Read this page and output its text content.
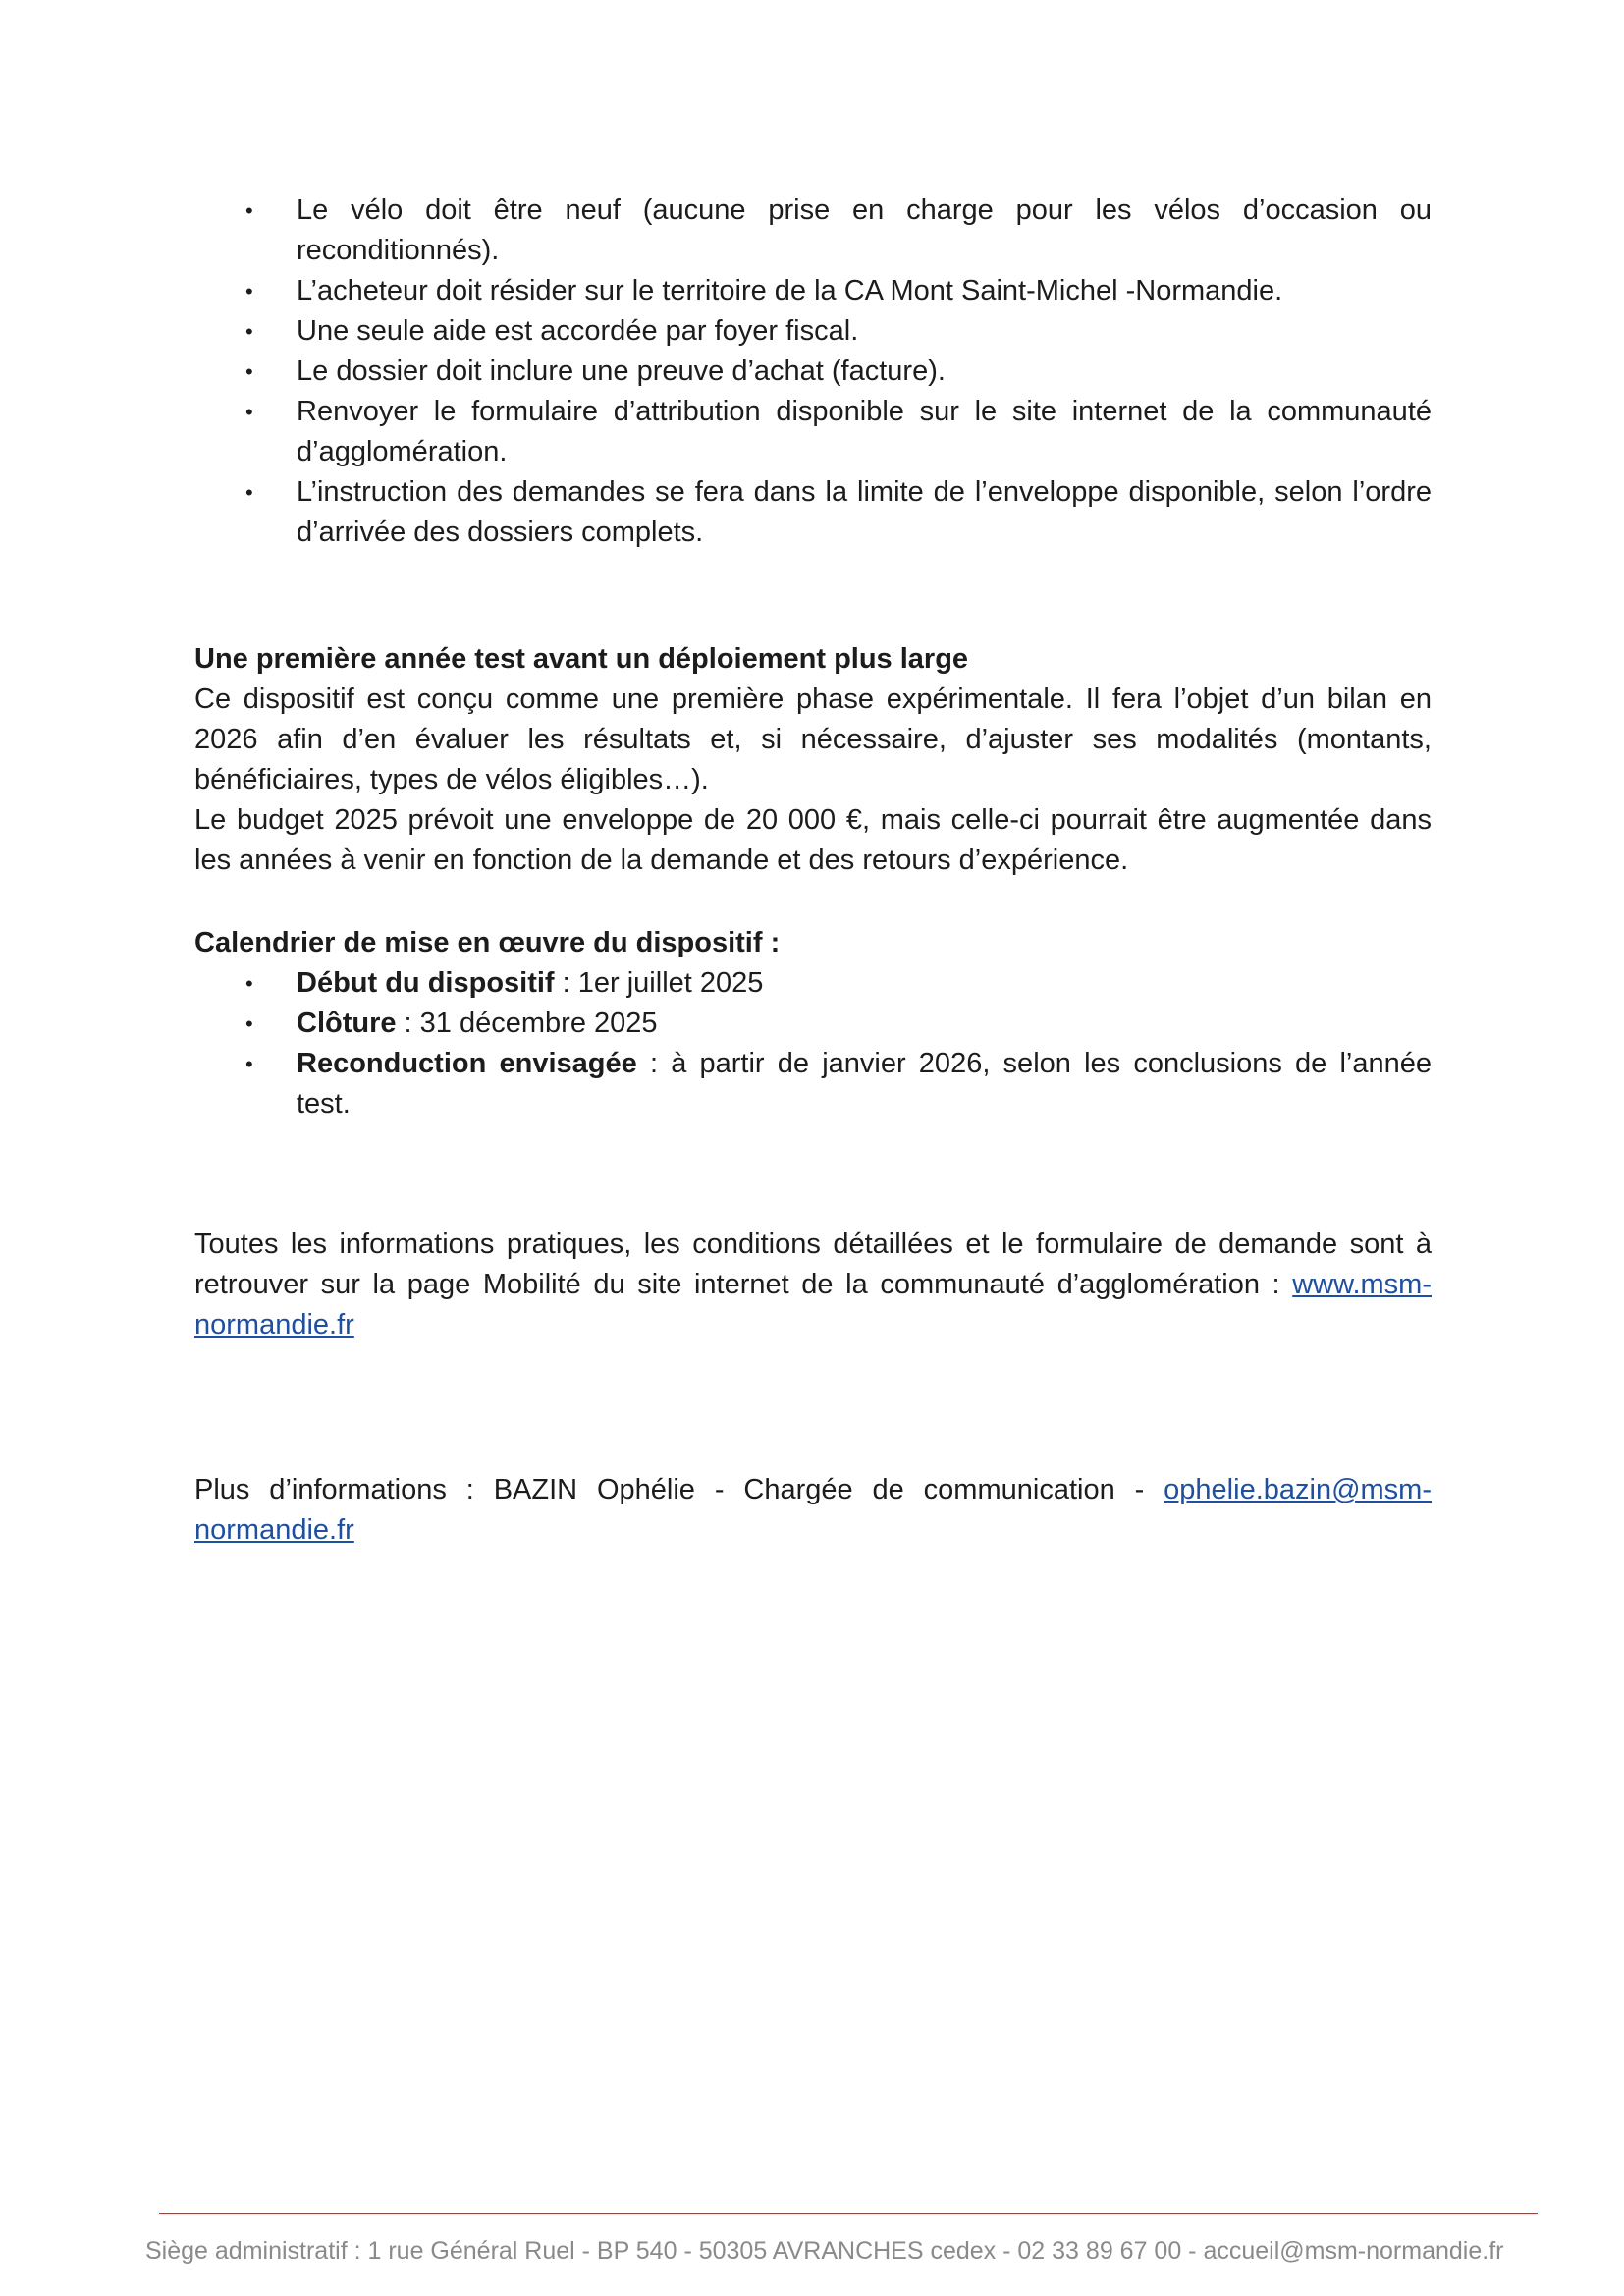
• Le vélo doit être neuf (aucune prise en charge pour les vélos d’occasion ou reconditionnés).
• L’acheteur doit résider sur le territoire de la CA Mont Saint-Michel -Normandie.
• Une seule aide est accordée par foyer fiscal.
• Le dossier doit inclure une preuve d’achat (facture).
• Renvoyer le formulaire d’attribution disponible sur le site internet de la communauté d’agglomération.
• L’instruction des demandes se fera dans la limite de l’enveloppe disponible, selon l’ordre d’arrivée des dossiers complets.

Une première année test avant un déploiement plus large

Ce dispositif est conçu comme une première phase expérimentale. Il fera l’objet d’un bilan en 2026 afin d’en évaluer les résultats et, si nécessaire, d’ajuster ses modalités (montants, bénéficiaires, types de vélos éligibles…).

Le budget 2025 prévoit une enveloppe de 20 000 €, mais celle-ci pourrait être augmentée dans les années à venir en fonction de la demande et des retours d’expérience.

Calendrier de mise en œuvre du dispositif :

• Début du dispositif : 1er juillet 2025
• Clôture : 31 décembre 2025
• Reconduction envisagée : à partir de janvier 2026, selon les conclusions de l’année test.

Toutes les informations pratiques, les conditions détaillées et le formulaire de demande sont à retrouver sur la page Mobilité du site internet de la communauté d’agglomération : www.msm-normandie.fr

Plus d’informations : BAZIN Ophélie - Chargée de communication - ophelie.bazin@msm-normandie.fr

Siège administratif : 1 rue Général Ruel - BP 540 - 50305 AVRANCHES cedex - 02 33 89 67 00 - accueil@msm-normandie.fr
